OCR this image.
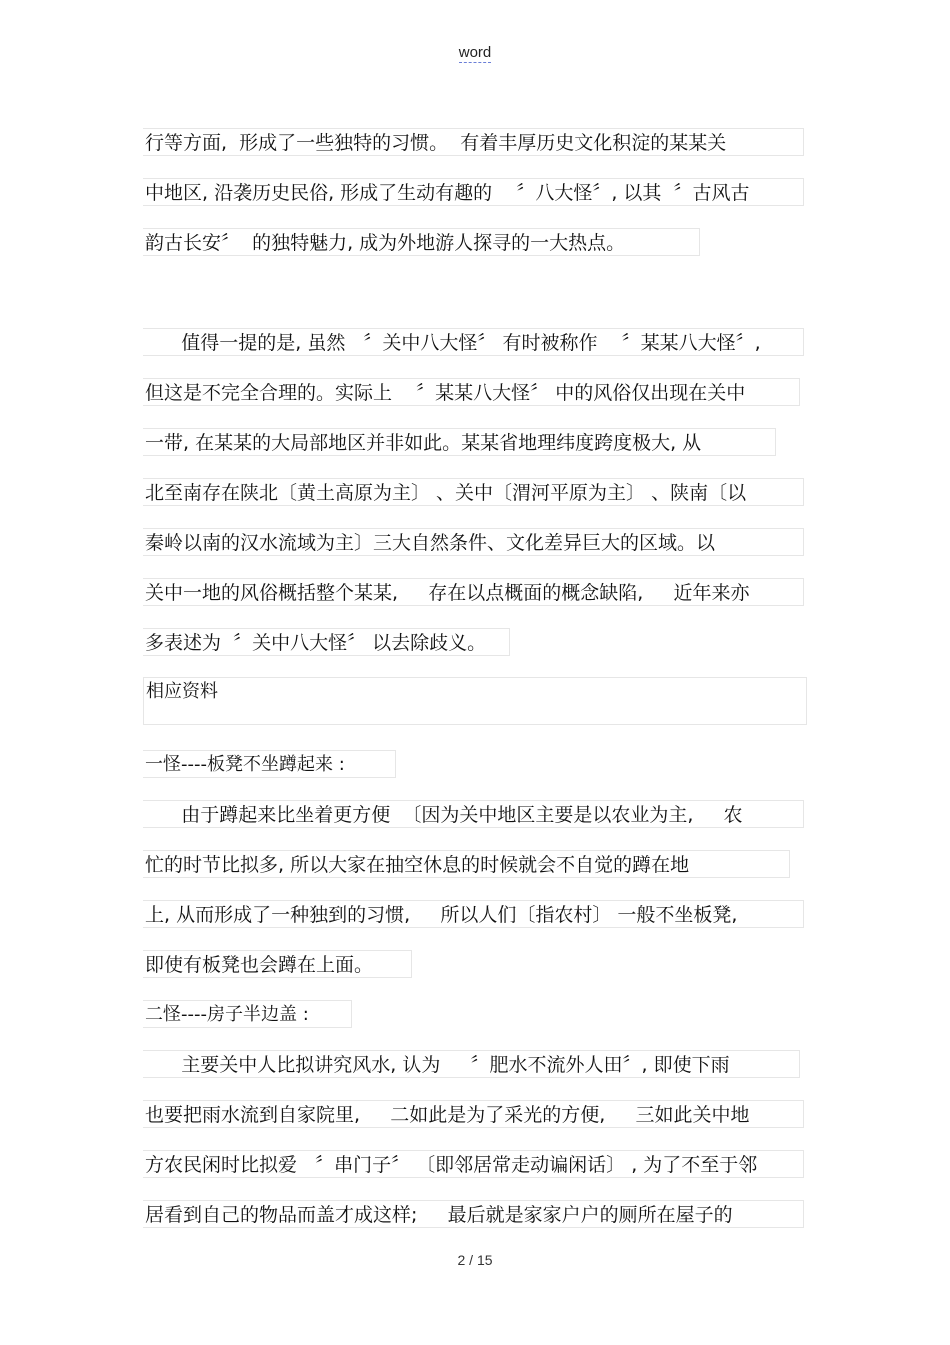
word
行等方面,  形成了一些独特的习惯。  有着丰厚历史文化积淀的某某关
中地区, 沿袭历史民俗, 形成了生动有趣的    〞八大怪〞, 以其  〞古风古
韵古长安〞  的独特魅力, 成为外地游人探寻的一大热点。
值得一提的是, 虽然   〞关中八大怪〞 有时被称作    〞某某八大怪〞,
但这是不完全合理的。实际上    〞某某八大怪〞 中的风俗仅出现在关中
一带, 在某某的大局部地区并非如此。某某省地理纬度跨度极大, 从
北至南存在陕北〔黄土高原为主〕 、关中〔渭河平原为主〕 、陕南〔以
秦岭以南的汉水流域为主〕三大自然条件、文化差异巨大的区域。以
关中一地的风俗概括整个某某,     存在以点概面的概念缺陷,     近年来亦
多表述为  〞关中八大怪〞 以去除歧义。
相应资料
一怪----板凳不坐蹲起来 :
由于蹲起来比坐着更方便  〔因为关中地区主要是以农业为主,     农
忙的时节比拟多, 所以大家在抽空休息的时候就会不自觉的蹲在地
上, 从而形成了一种独到的习惯,     所以人们〔指农村〕 一般不坐板凳,
即使有板凳也会蹲在上面。
二怪----房子半边盖 :
主要关中人比拟讲究风水, 认为     〞肥水不流外人田〞, 即使下雨
也要把雨水流到自家院里,     二如此是为了采光的方便,     三如此关中地
方农民闲时比拟爱   〞串门子〞 〔即邻居常走动谝闲话〕 , 为了不至于邻
居看到自己的物品而盖才成这样;     最后就是家家户户的厕所在屋子的
2 / 15
